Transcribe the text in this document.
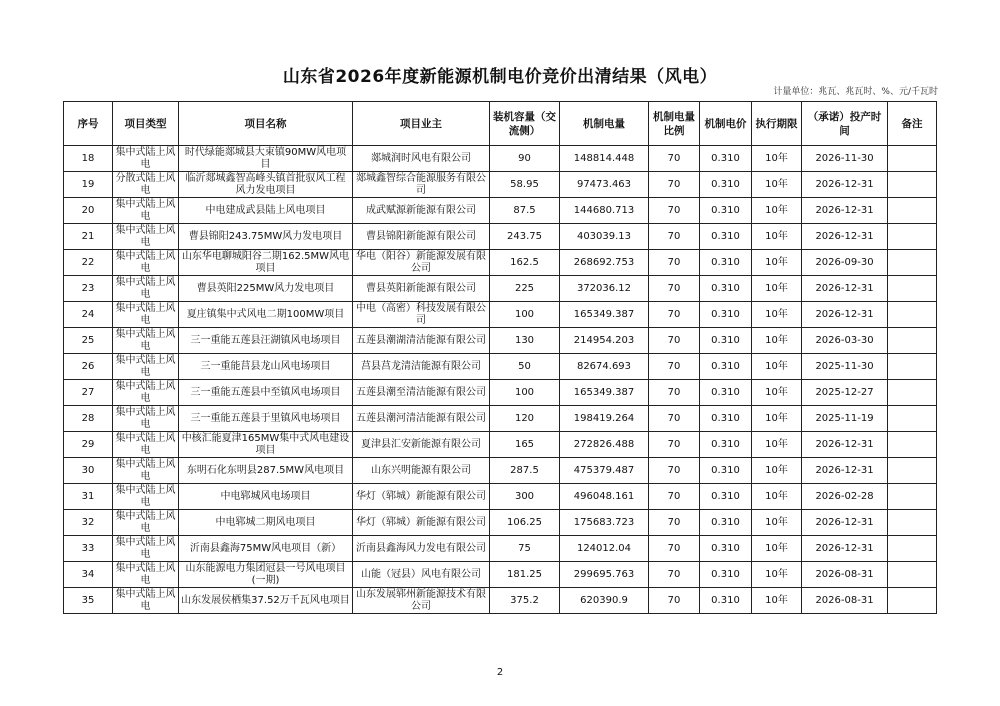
山东省2026年度新能源机制电价竞价出清结果（风电）
计量单位：兆瓦、兆瓦时、%、元/千瓦时
序号	项目类型	项目名称	项目业主	装机容量（交流侧）	机制电量	机制电量比例	机制电价	执行期限	（承诺）投产时间	备注
18	集中式陆上风电	时代绿能郯城县大束镇90MW风电项目	郯城润时风电有限公司	90	148814.448	70	0.310	10年	2026-11-30	
19	分散式陆上风电	临沂郯城鑫智高峰头镇首批驭风工程风力发电项目	郯城鑫智综合能源服务有限公司	58.95	97473.463	70	0.310	10年	2026-12-31	
20	集中式陆上风电	中电建成武县陆上风电项目	成武赋源新能源有限公司	87.5	144680.713	70	0.310	10年	2026-12-31	
21	集中式陆上风电	曹县锦阳243.75MW风力发电项目	曹县锦阳新能源有限公司	243.75	403039.13	70	0.310	10年	2026-12-31	
22	集中式陆上风电	山东华电聊城阳谷二期162.5MW风电项目	华电（阳谷）新能源发展有限公司	162.5	268692.753	70	0.310	10年	2026-09-30	
23	集中式陆上风电	曹县英阳225MW风力发电项目	曹县英阳新能源有限公司	225	372036.12	70	0.310	10年	2026-12-31	
24	集中式陆上风电	夏庄镇集中式风电二期100MW项目	中电（高密）科技发展有限公司	100	165349.387	70	0.310	10年	2026-12-31	
25	集中式陆上风电	三一重能五莲县汪湖镇风电场项目	五莲县潮湖清洁能源有限公司	130	214954.203	70	0.310	10年	2026-03-30	
26	集中式陆上风电	三一重能莒县龙山风电场项目	莒县莒龙清洁能源有限公司	50	82674.693	70	0.310	10年	2025-11-30	
27	集中式陆上风电	三一重能五莲县中至镇风电场项目	五莲县潮至清洁能源有限公司	100	165349.387	70	0.310	10年	2025-12-27	
28	集中式陆上风电	三一重能五莲县于里镇风电场项目	五莲县潮河清洁能源有限公司	120	198419.264	70	0.310	10年	2025-11-19	
29	集中式陆上风电	中核汇能夏津165MW集中式风电建设项目	夏津县汇安新能源有限公司	165	272826.488	70	0.310	10年	2026-12-31	
30	集中式陆上风电	东明石化东明县287.5MW风电项目	山东兴明能源有限公司	287.5	475379.487	70	0.310	10年	2026-12-31	
31	集中式陆上风电	中电郓城风电场项目	华灯（郓城）新能源有限公司	300	496048.161	70	0.310	10年	2026-02-28	
32	集中式陆上风电	中电郓城二期风电项目	华灯（郓城）新能源有限公司	106.25	175683.723	70	0.310	10年	2026-12-31	
33	集中式陆上风电	沂南县鑫海75MW风电项目（新）	沂南县鑫海风力发电有限公司	75	124012.04	70	0.310	10年	2026-12-31	
34	集中式陆上风电	山东能源电力集团冠县一号风电项目(一期)	山能（冠县）风电有限公司	181.25	299695.763	70	0.310	10年	2026-08-31	
35	集中式陆上风电	山东发展侯栖集37.52万千瓦风电项目	山东发展郓州新能源技术有限公司	375.2	620390.9	70	0.310	10年	2026-08-31	
2
